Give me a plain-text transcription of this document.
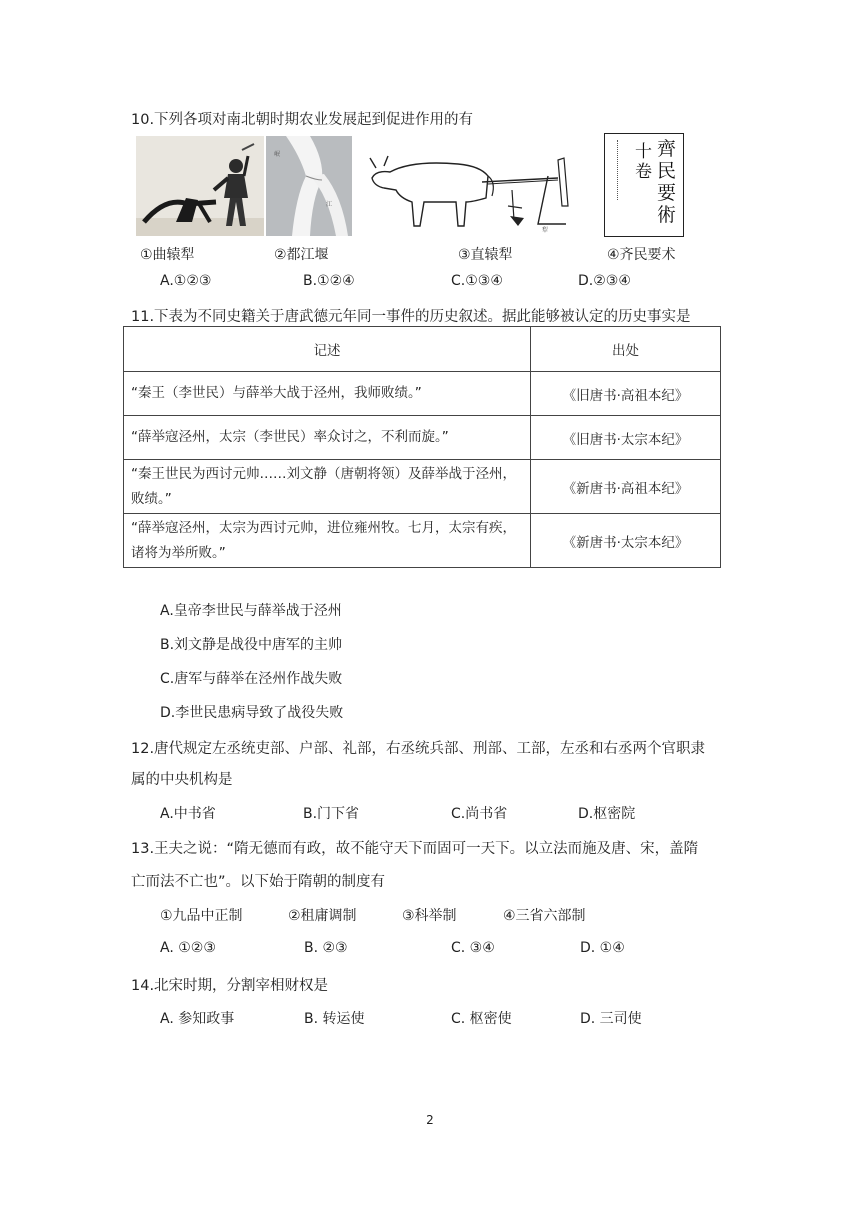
10.下列各项对南北朝时期农业发展起到促进作用的有
①曲辕犁
岷
江
②都江堰
犁
③直辕犁
齊民要術
十卷
④齐民要术
A.①②③	B.①②④	C.①③④	D.②③④
11.下表为不同史籍关于唐武德元年同一事件的历史叙述。据此能够被认定的历史事实是
记述	出处
“秦王（李世民）与薛举大战于泾州，我师败绩。”	《旧唐书·高祖本纪》
“薛举寇泾州，太宗（李世民）率众讨之，不利而旋。”	《旧唐书·太宗本纪》
“秦王世民为西讨元帅……刘文静（唐朝将领）及薛举战于泾州，败绩。”	《新唐书·高祖本纪》
“薛举寇泾州，太宗为西讨元帅，进位雍州牧。七月，太宗有疾，诸将为举所败。”	《新唐书·太宗本纪》
A.皇帝李世民与薛举战于泾州
B.刘文静是战役中唐军的主帅
C.唐军与薛举在泾州作战失败
D.李世民患病导致了战役失败
12.唐代规定左丞统吏部、户部、礼部，右丞统兵部、刑部、工部，左丞和右丞两个官职隶
属的中央机构是
A.中书省	B.门下省	C.尚书省	D.枢密院
13.王夫之说：“隋无德而有政，故不能守天下而固可一天下。以立法而施及唐、宋，盖隋
亡而法不亡也”。以下始于隋朝的制度有
①九品中正制	②租庸调制	③科举制	④三省六部制
A. ①②③	B. ②③	C. ③④	D. ①④
14.北宋时期，分割宰相财权是
A. 参知政事	B. 转运使	C. 枢密使	D. 三司使
2
